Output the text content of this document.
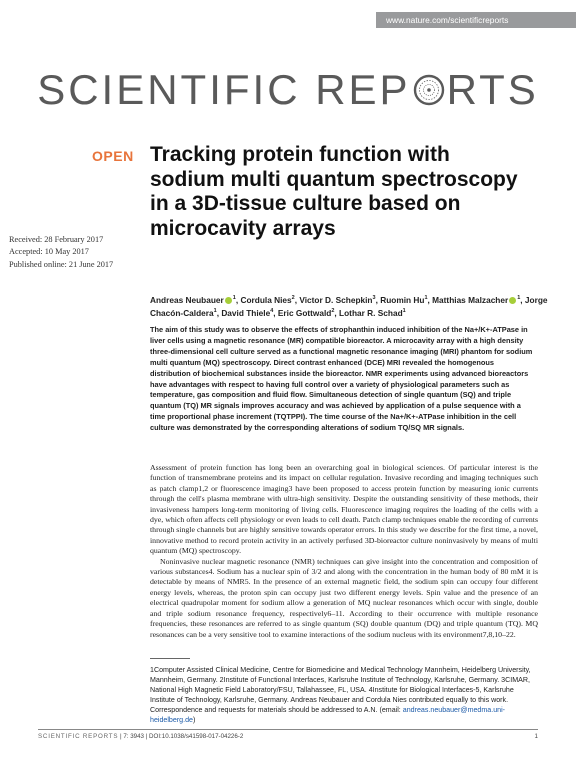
www.nature.com/scientificreports
SCIENTIFIC REP RTS
OPEN Tracking protein function with sodium multi quantum spectroscopy in a 3D-tissue culture based on microcavity arrays
Received: 28 February 2017
Accepted: 10 May 2017
Published online: 21 June 2017
Andreas Neubauer $^1$, Cordula Nies$^2$, Victor D. Schepkin$^3$, Ruomin Hu$^1$, Matthias Malzacher $^1$, Jorge Chacón-Caldera$^1$, David Thiele$^4$, Eric Gottwald$^2$, Lothar R. Schad$^1$
The aim of this study was to observe the effects of strophanthin induced inhibition of the Na+/K+-ATPase in liver cells using a magnetic resonance (MR) compatible bioreactor. A microcavity array with a high density three-dimensional cell culture served as a functional magnetic resonance imaging (MRI) phantom for sodium multi quantum (MQ) spectroscopy. Direct contrast enhanced (DCE) MRI revealed the homogenous distribution of biochemical substances inside the bioreactor. NMR experiments using advanced bioreactors have advantages with respect to having full control over a variety of physiological parameters such as temperature, gas composition and fluid flow. Simultaneous detection of single quantum (SQ) and triple quantum (TQ) MR signals improves accuracy and was achieved by application of a pulse sequence with a time proportional phase increment (TQTPPI). The time course of the Na+/K+-ATPase inhibition in the cell culture was demonstrated by the corresponding alterations of sodium TQ/SQ MR signals.

Assessment of protein function has long been an overarching goal in biological sciences. Of particular interest is the function of transmembrane proteins and its impact on cellular regulation. Invasive recording and imaging techniques such as patch clamp1,2 or fluorescence imaging3 have been proposed to access protein function by measuring ionic currents through the cell's plasma membrane with ultra-high sensitivity. Despite the outstanding sensitivity of these methods, their invasiveness hampers long-term monitoring of living cells. Fluorescence imaging requires the loading of the cells with a dye, which often affects cell physiology or even leads to cell death. Patch clamp techniques enable the recording of currents through single channels but are highly sensitive towards operator errors. In this study we describe for the first time, a novel, innovative method to record protein activity in an actively perfused 3D-bioreactor culture noninvasively by means of multi quantum (MQ) spectroscopy.

Noninvasive nuclear magnetic resonance (NMR) techniques can give insight into the concentration and composition of various substances4. Sodium has a nuclear spin of 3/2 and along with the concentration in the human body of 80 mM it is detectable by means of NMR5. In the presence of an external magnetic field, the sodium spin can occupy four different energy levels, whereas, the proton spin can occupy just two different energy levels. Spin value and the presence of an electrical quadrupolar moment for sodium allow a generation of MQ nuclear resonances which occur with single, double and triple sodium resonance frequency, respectively6–11. According to their occurrence with multiple resonance frequencies, these resonances are referred to as single quantum (SQ) double quantum (DQ) and triple quantum (TQ). MQ resonances can be a very sensitive tool to examine interactions of the sodium nucleus with its environment7,8,10–22.

1Computer Assisted Clinical Medicine, Centre for Biomedicine and Medical Technology Mannheim, Heidelberg University, Mannheim, Germany. 2Institute of Functional Interfaces, Karlsruhe Institute of Technology, Karlsruhe, Germany. 3CIMAR, National High Magnetic Field Laboratory/FSU, Tallahassee, FL, USA. 4Institute for Biological Interfaces-5, Karlsruhe Institute of Technology, Karlsruhe, Germany. Andreas Neubauer and Cordula Nies contributed equally to this work. Correspondence and requests for materials should be addressed to A.N. (email: andreas.neubauer@medma.uni-heidelberg.de)
SCIENTIFIC REPORTS | 7: 3943 | DOI:10.1038/s41598-017-04226-2	1
